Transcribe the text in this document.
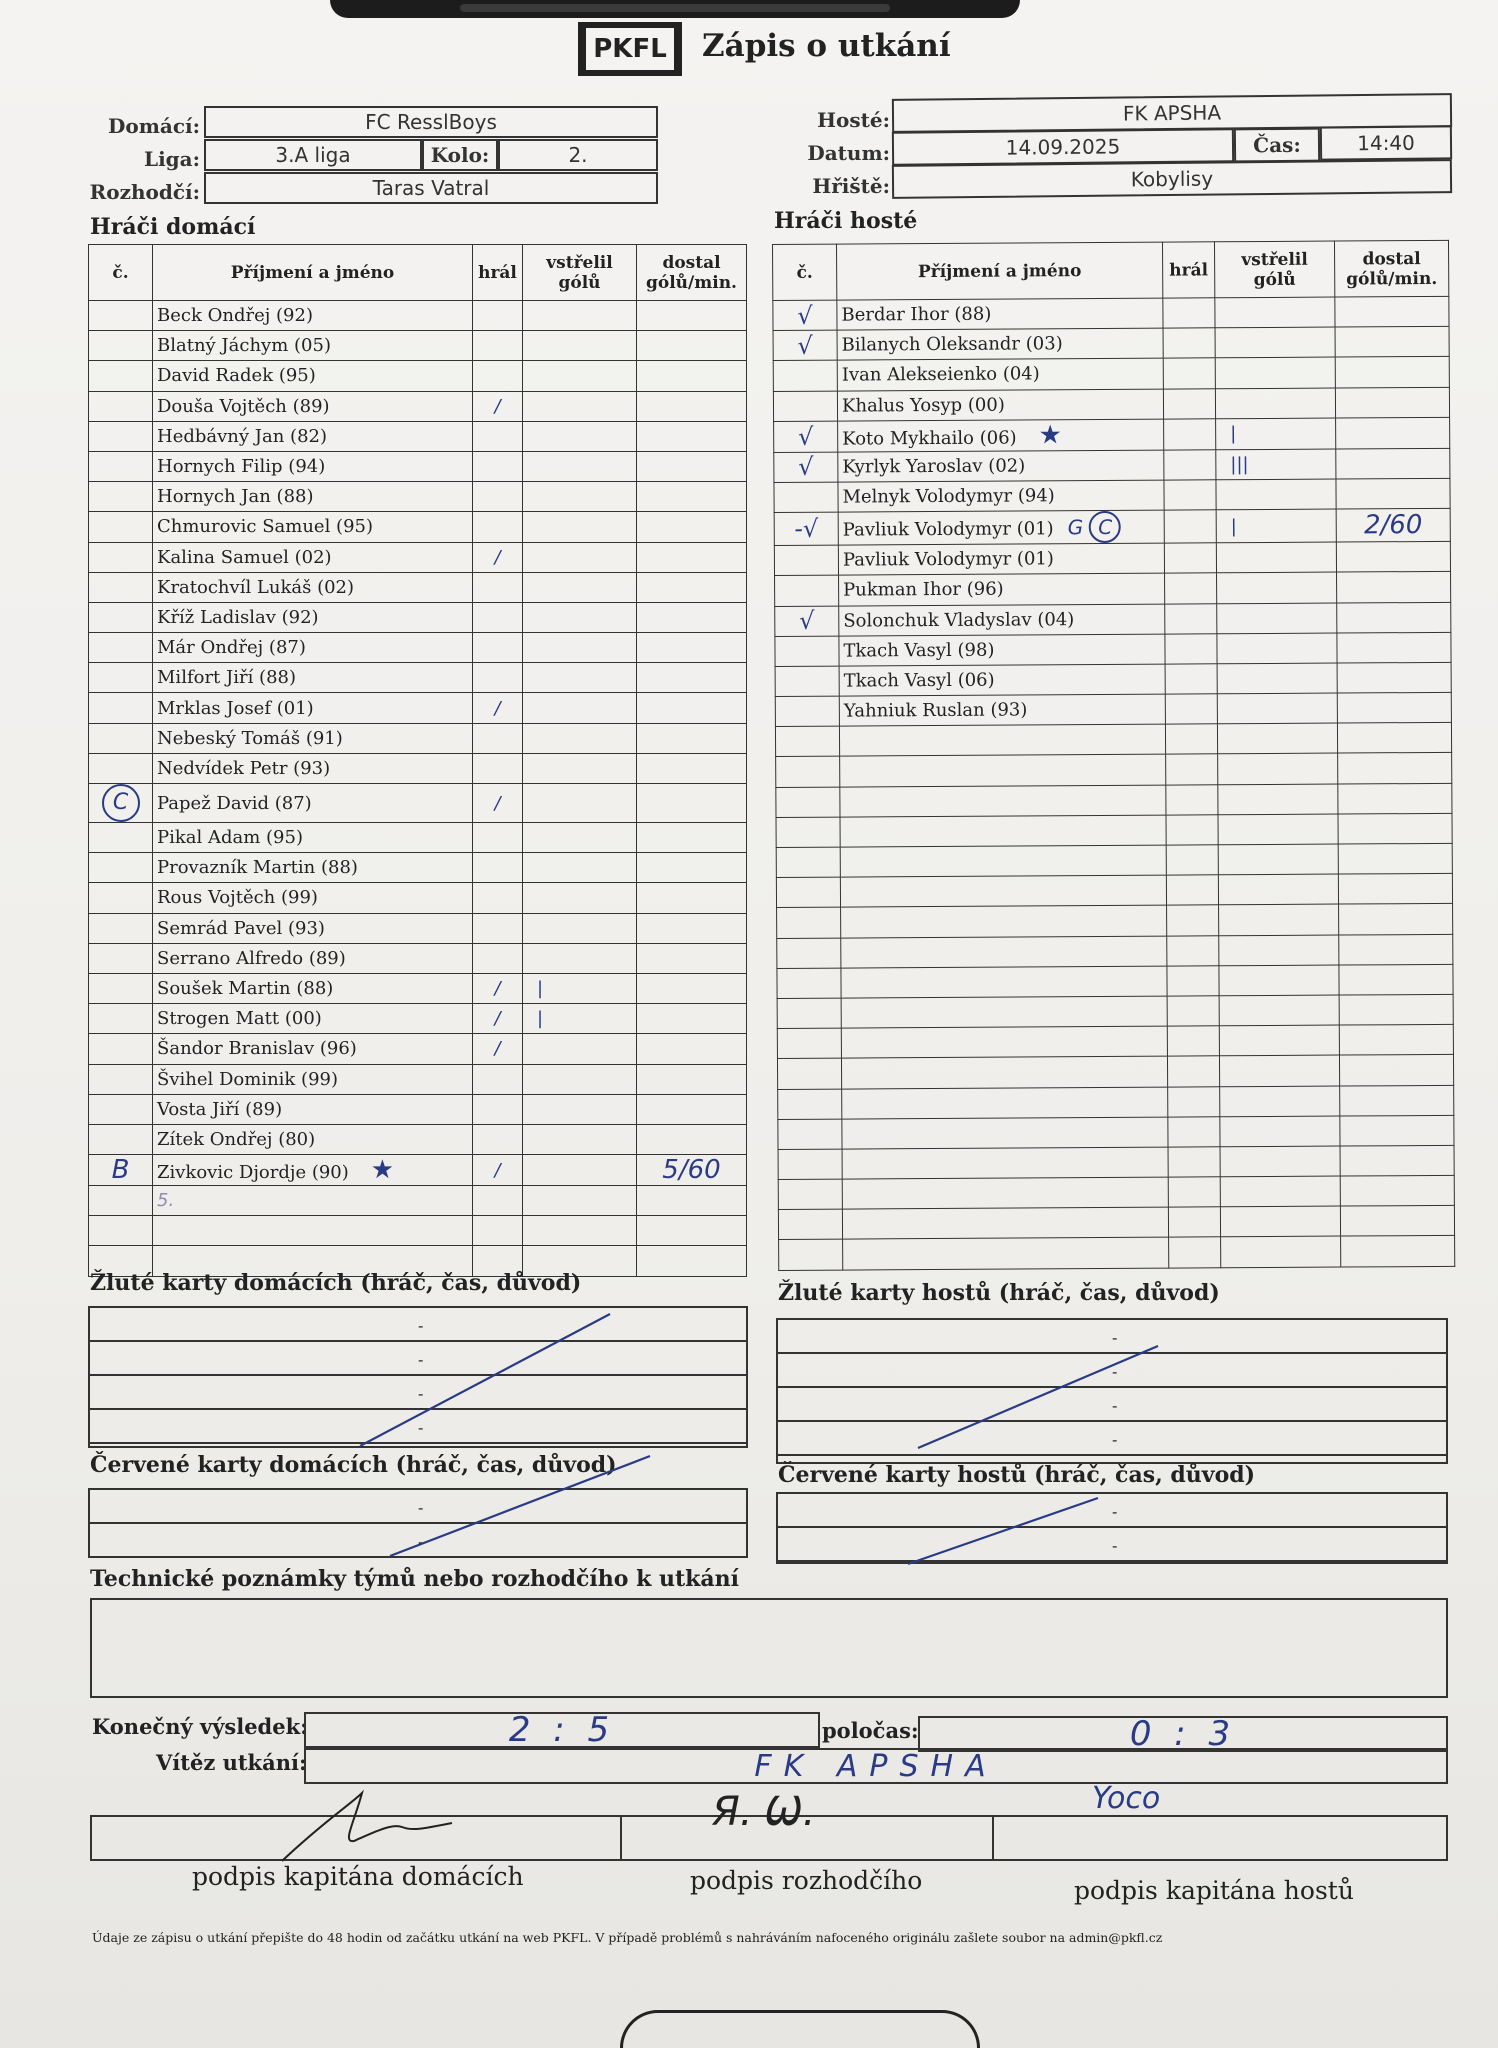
PKFL	Zápis o utkání
Domácí:	FC ResslBoys
Liga:	3.A liga	Kolo:	2.
Rozhodčí:	Taras Vatral
Hosté:	FK APSHA
Datum:	14.09.2025	Čas:	14:40
Hřiště:	Kobylisy
Hráči domácí	Hráči hosté
č.	Příjmení a jméno	hrál	vstřelil
gólů	dostal
gólů/min.
	Beck Ondřej (92)			
	Blatný Jáchym (05)			
	David Radek (95)			
	Douša Vojtěch (89)	/		
	Hedbávný Jan (82)			
	Hornych Filip (94)			
	Hornych Jan (88)			
	Chmurovic Samuel (95)			
	Kalina Samuel (02)	/		
	Kratochvíl Lukáš (02)			
	Kříž Ladislav (92)			
	Már Ondřej (87)			
	Milfort Jiří (88)			
	Mrklas Josef (01)	/		
	Nebeský Tomáš (91)			
	Nedvídek Petr (93)			
C	Papež David (87)	/		
	Pikal Adam (95)			
	Provazník Martin (88)			
	Rous Vojtěch (99)			
	Semrád Pavel (93)			
	Serrano Alfredo (89)			
	Soušek Martin (88)	/	|	
	Strogen Matt (00)	/	|	
	Šandor Branislav (96)	/		
	Švihel Dominik (99)			
	Vosta Jiří (89)			
	Zítek Ondřej (80)			
B	Zivkovic Djordje (90) ★	/		5/60
	5.			

č.	Příjmení a jméno	hrál	vstřelil
gólů	dostal
gólů/min.
√	Berdar Ihor (88)			
√	Bilanych Oleksandr (03)			
	Ivan Alekseienko (04)			
	Khalus Yosyp (00)			
√	Koto Mykhailo (06) ★		|	
√	Kyrlyk Yaroslav (02)		|||	
	Melnyk Volodymyr (94)			
-√	Pavliuk Volodymyr (01) G C		|	2/60
	Pavliuk Volodymyr (01)			
	Pukman Ihor (96)			
√	Solonchuk Vladyslav (04)			
	Tkach Vasyl (98)			
	Tkach Vasyl (06)			
	Yahniuk Ruslan (93)			

Žluté karty domácích (hráč, čas, důvod)
-
-
-
-
Žluté karty hostů (hráč, čas, důvod)
-
-
-
-
Červené karty domácích (hráč, čas, důvod)
-
-
Červené karty hostů (hráč, čas, důvod)
-
-
Technické poznámky týmů nebo rozhodčího k utkání
Konečný výsledek:	2 : 5	poločas:	0 : 3
Vítěz utkání:	FK APSHA
Я. Ѡ.	Yoco
podpis kapitána domácích	podpis rozhodčího	podpis kapitána hostů
Údaje ze zápisu o utkání přepište do 48 hodin od začátku utkání na web PKFL. V případě problémů s nahráváním nafoceného originálu zašlete soubor na admin@pkfl.cz
